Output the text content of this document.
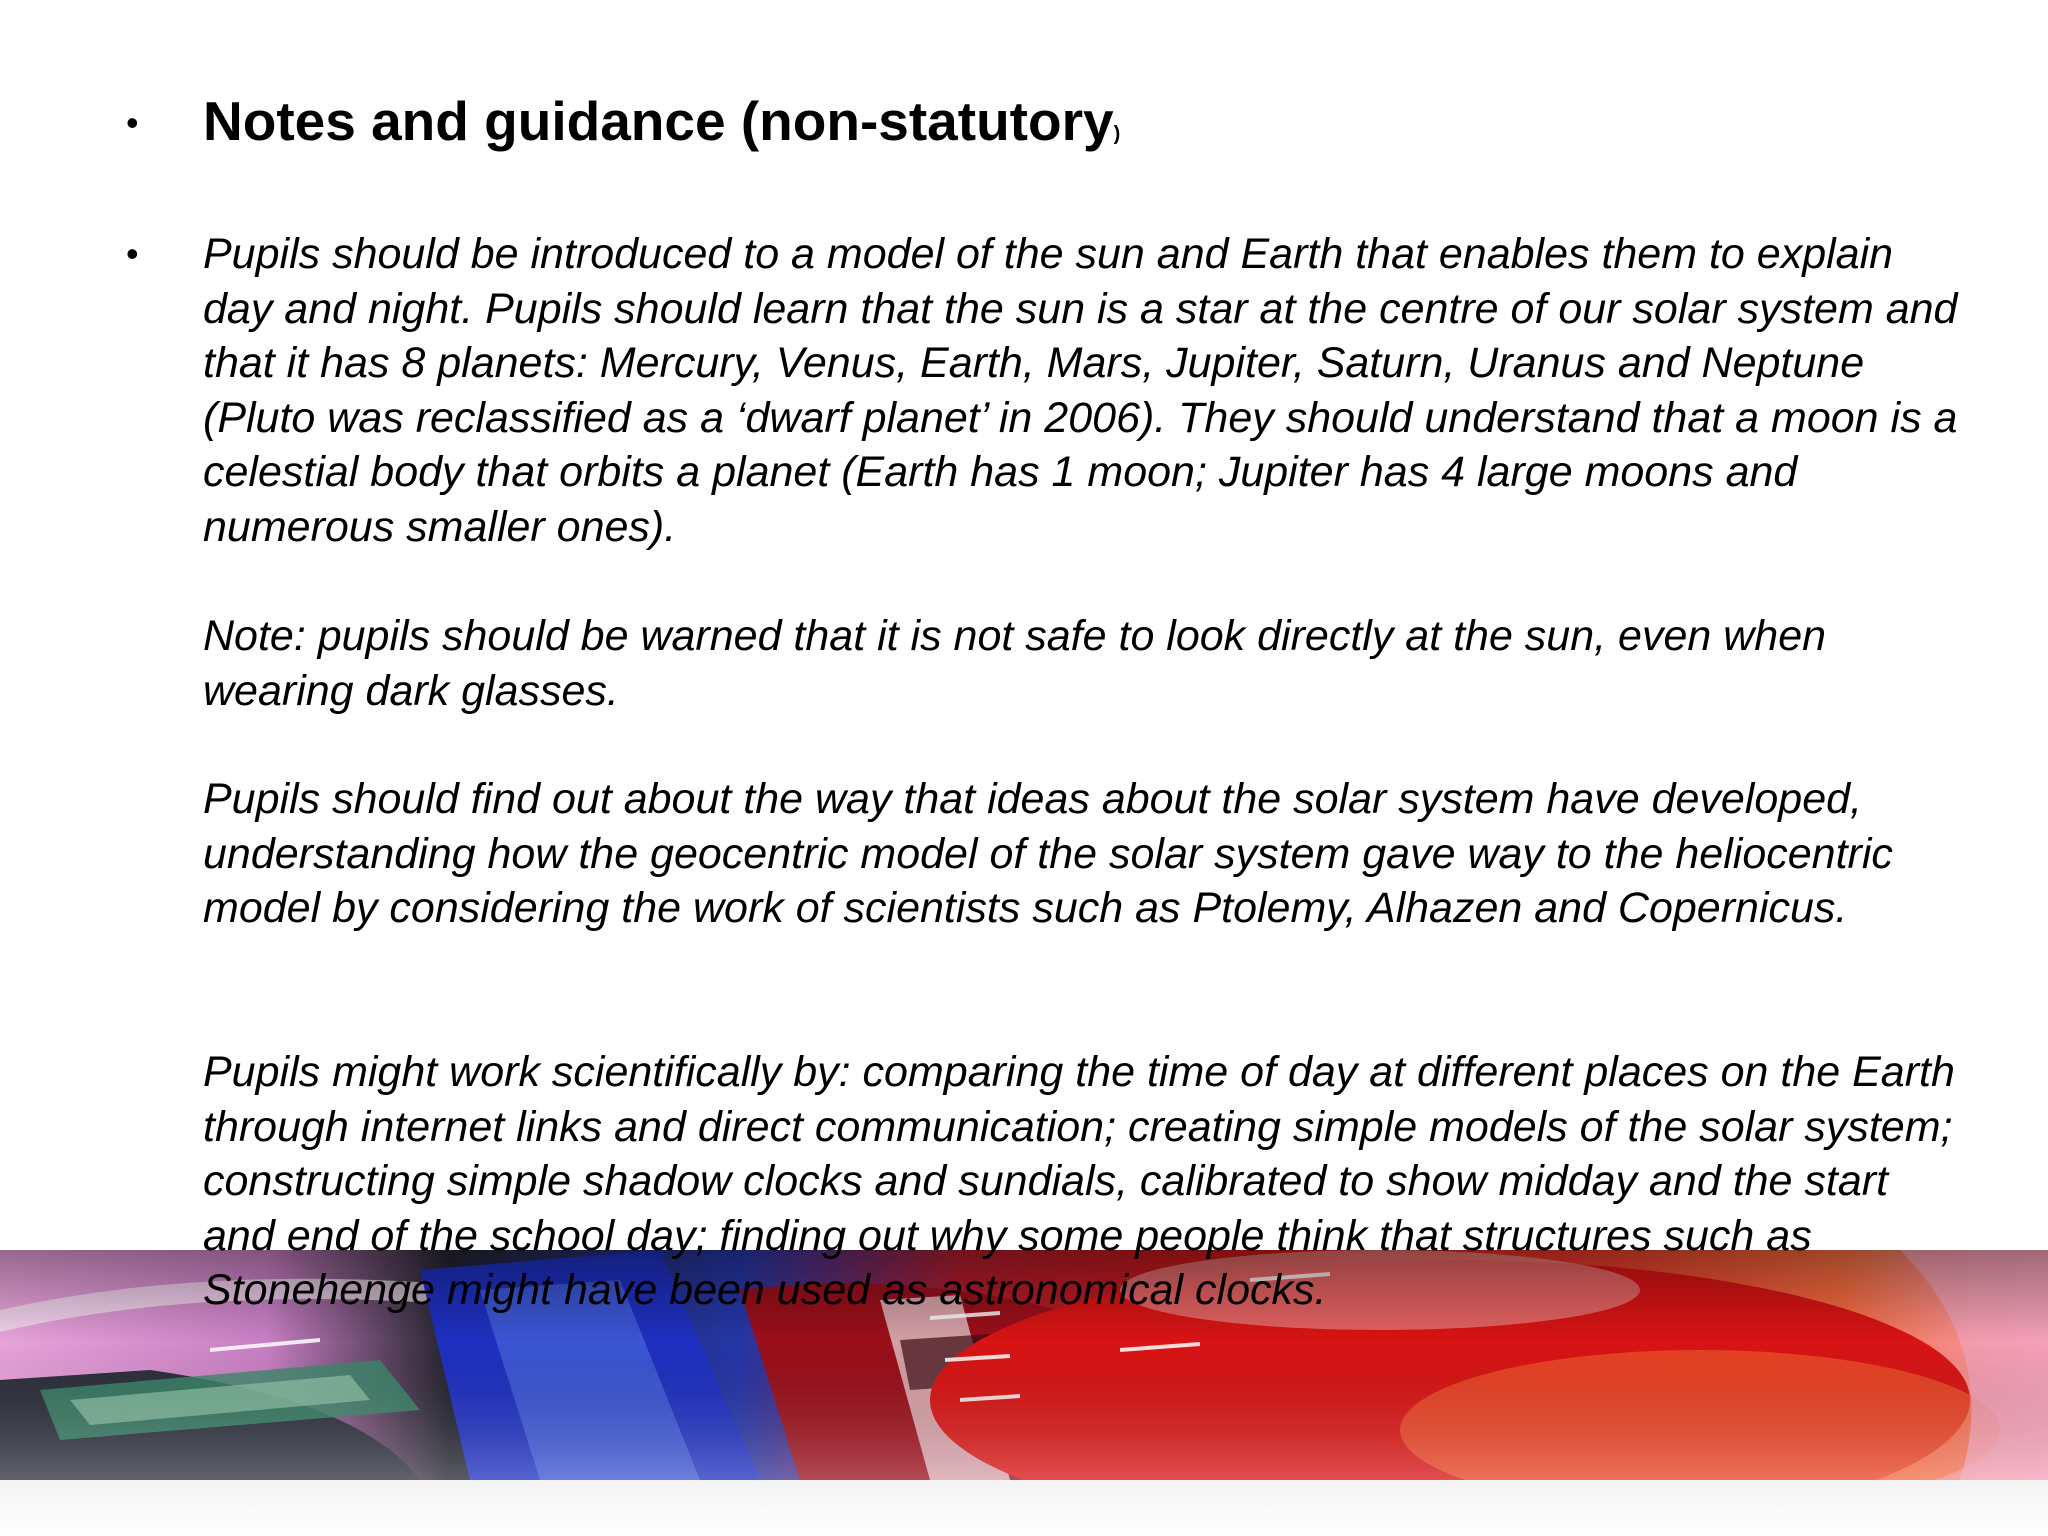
• Notes and guidance (non-statutory)
• Pupils should be introduced to a model of the sun and Earth that enables them to explain day and night. Pupils should learn that the sun is a star at the centre of our solar system and that it has 8 planets: Mercury, Venus, Earth, Mars, Jupiter, Saturn, Uranus and Neptune (Pluto was reclassified as a ‘dwarf planet’ in 2006). They should understand that a moon is a celestial body that orbits a planet (Earth has 1 moon; Jupiter has 4 large moons and numerous smaller ones).

Note: pupils should be warned that it is not safe to look directly at the sun, even when wearing dark glasses.

Pupils should find out about the way that ideas about the solar system have developed, understanding how the geocentric model of the solar system gave way to the heliocentric model by considering the work of scientists such as Ptolemy, Alhazen and Copernicus.

Pupils might work scientifically by: comparing the time of day at different places on the Earth through internet links and direct communication; creating simple models of the solar system; constructing simple shadow clocks and sundials, calibrated to show midday and the start and end of the school day; finding out why some people think that structures such as Stonehenge might have been used as astronomical clocks.
